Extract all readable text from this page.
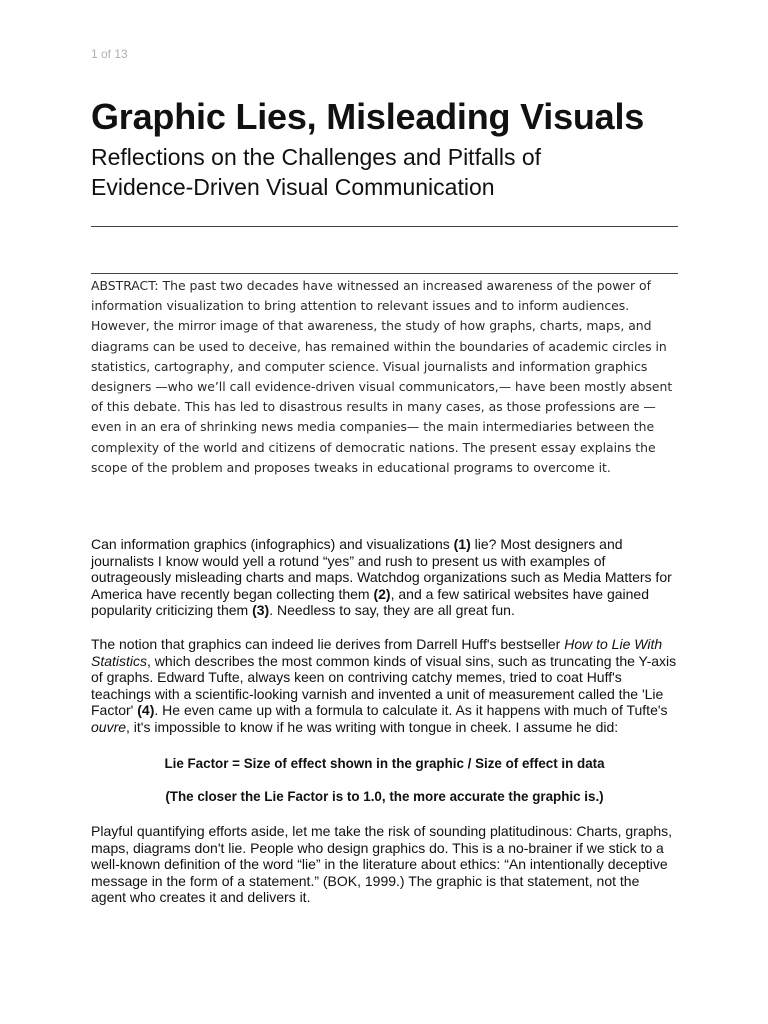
1 of 13
Graphic Lies, Misleading Visuals
Reflections on the Challenges and Pitfalls of
Evidence-Driven Visual Communication

ABSTRACT: The past two decades have witnessed an increased awareness of the power of information visualization to bring attention to relevant issues and to inform audiences. However, the mirror image of that awareness, the study of how graphs, charts, maps, and diagrams can be used to deceive, has remained within the boundaries of academic circles in statistics, cartography, and computer science. Visual journalists and information graphics designers —who we’ll call evidence-driven visual communicators,— have been mostly absent of this debate. This has led to disastrous results in many cases, as those professions are —even in an era of shrinking news media companies— the main intermediaries between the complexity of the world and citizens of democratic nations. The present essay explains the scope of the problem and proposes tweaks in educational programs to overcome it.

Can information graphics (infographics) and visualizations (1) lie? Most designers and journalists I know would yell a rotund “yes” and rush to present us with examples of outrageously misleading charts and maps. Watchdog organizations such as Media Matters for America have recently began collecting them (2), and a few satirical websites have gained popularity criticizing them (3). Needless to say, they are all great fun.

The notion that graphics can indeed lie derives from Darrell Huff's bestseller How to Lie With Statistics, which describes the most common kinds of visual sins, such as truncating the Y-axis of graphs. Edward Tufte, always keen on contriving catchy memes, tried to coat Huff's teachings with a scientific-looking varnish and invented a unit of measurement called the 'Lie Factor' (4). He even came up with a formula to calculate it. As it happens with much of Tufte's ouvre, it's impossible to know if he was writing with tongue in cheek. I assume he did:

Lie Factor = Size of effect shown in the graphic / Size of effect in data

(The closer the Lie Factor is to 1.0, the more accurate the graphic is.)

Playful quantifying efforts aside, let me take the risk of sounding platitudinous: Charts, graphs, maps, diagrams don't lie. People who design graphics do. This is a no-brainer if we stick to a well-known definition of the word “lie” in the literature about ethics: “An intentionally deceptive message in the form of a statement.” (BOK, 1999.) The graphic is that statement, not the agent who creates it and delivers it.
